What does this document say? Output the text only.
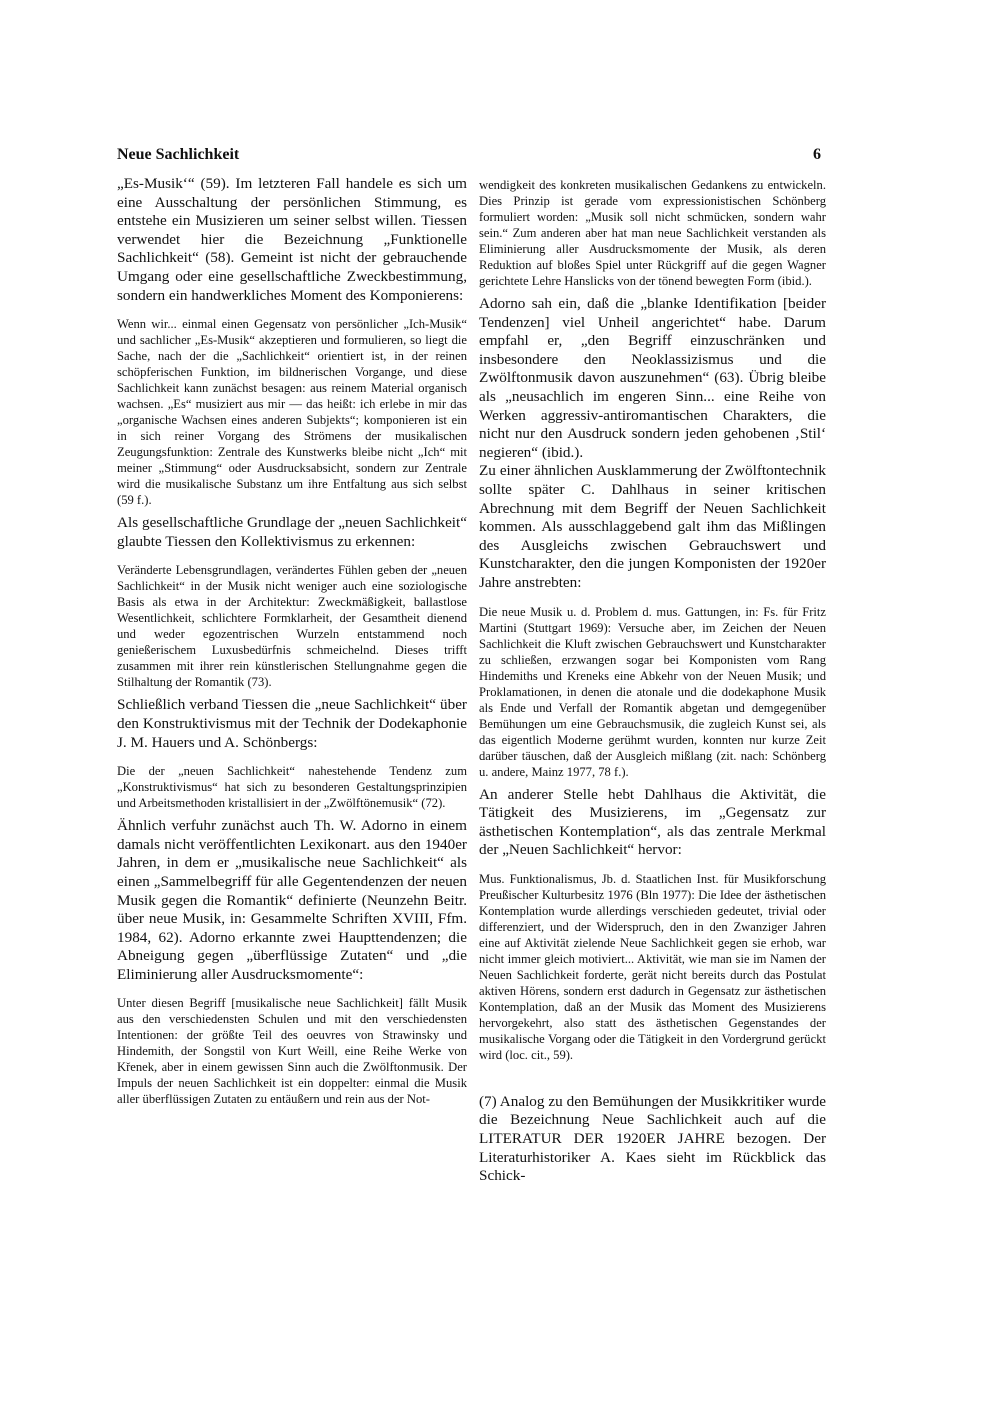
Neue Sachlichkeit	6

„Es-Musik‘“ (59). Im letzteren Fall handele es sich um eine Ausschaltung der persönlichen Stimmung, es entstehe ein Musizieren um seiner selbst willen. Tiessen verwendet hier die Bezeichnung „Funktionelle Sachlichkeit“ (58). Gemeint ist nicht der gebrauchende Umgang oder eine gesellschaftliche Zweckbestimmung, sondern ein handwerkliches Moment des Komponierens:

Wenn wir... einmal einen Gegensatz von persönlicher „Ich-Musik“ und sachlicher „Es-Musik“ akzeptieren und formulieren, so liegt die Sache, nach der die „Sachlichkeit“ orientiert ist, in der reinen schöpferischen Funktion, im bildnerischen Vorgange, und diese Sachlichkeit kann zunächst besagen: aus reinem Material organisch wachsen. „Es“ musiziert aus mir — das heißt: ich erlebe in mir das „organische Wachsen eines anderen Subjekts“; komponieren ist ein in sich reiner Vorgang des Strömens der musikalischen Zeugungsfunktion: Zentrale des Kunstwerks bleibe nicht „Ich“ mit meiner „Stimmung“ oder Ausdrucksabsicht, sondern zur Zentrale wird die musikalische Substanz um ihre Entfaltung aus sich selbst (59 f.).

Als gesellschaftliche Grundlage der „neuen Sachlichkeit“ glaubte Tiessen den Kollektivismus zu erkennen:

Veränderte Lebensgrundlagen, verändertes Fühlen geben der „neuen Sachlichkeit“ in der Musik nicht weniger auch eine soziologische Basis als etwa in der Architektur: Zweckmäßigkeit, ballastlose Wesentlichkeit, schlichtere Formklarheit, der Gesamtheit dienend und weder egozentrischen Wurzeln entstammend noch genießerischem Luxusbedürfnis schmeichelnd. Dieses trifft zusammen mit ihrer rein künstlerischen Stellungnahme gegen die Stilhaltung der Romantik (73).

Schließlich verband Tiessen die „neue Sachlichkeit“ über den Konstruktivismus mit der Technik der Dodekaphonie J. M. Hauers und A. Schönbergs:

Die der „neuen Sachlichkeit“ nahestehende Tendenz zum „Konstruktivismus“ hat sich zu besonderen Gestaltungsprinzipien und Arbeitsmethoden kristallisiert in der „Zwölftönemusik“ (72).

Ähnlich verfuhr zunächst auch Th. W. Adorno in einem damals nicht veröffentlichten Lexikonart. aus den 1940er Jahren, in dem er „musikalische neue Sachlichkeit“ als einen „Sammelbegriff für alle Gegentendenzen der neuen Musik gegen die Romantik“ definierte (Neunzehn Beitr. über neue Musik, in: Gesammelte Schriften XVIII, Ffm. 1984, 62). Adorno erkannte zwei Haupttendenzen; die Abneigung gegen „überflüssige Zutaten“ und „die Eliminierung aller Ausdrucksmomente“:

Unter diesen Begriff [musikalische neue Sachlichkeit] fällt Musik aus den verschiedensten Schulen und mit den verschiedensten Intentionen: der größte Teil des oeuvres von Strawinsky und Hindemith, der Songstil von Kurt Weill, eine Reihe Werke von Křenek, aber in einem gewissen Sinn auch die Zwölftonmusik. Der Impuls der neuen Sachlichkeit ist ein doppelter: einmal die Musik aller überflüssigen Zutaten zu entäußern und rein aus der Not-

wendigkeit des konkreten musikalischen Gedankens zu entwickeln. Dies Prinzip ist gerade vom expressionistischen Schönberg formuliert worden: „Musik soll nicht schmücken, sondern wahr sein.“ Zum anderen aber hat man neue Sachlichkeit verstanden als Eliminierung aller Ausdrucksmomente der Musik, als deren Reduktion auf bloßes Spiel unter Rückgriff auf die gegen Wagner gerichtete Lehre Hanslicks von der tönend bewegten Form (ibid.).

Adorno sah ein, daß die „blanke Identifikation [beider Tendenzen] viel Unheil angerichtet“ habe. Darum empfahl er, „den Begriff einzuschränken und insbesondere den Neoklassizismus und die Zwölftonmusik davon auszunehmen“ (63). Übrig bleibe als „neusachlich im engeren Sinn... eine Reihe von Werken aggressiv-antiromantischen Charakters, die nicht nur den Ausdruck sondern jeden gehobenen ‚Stil‘ negieren“ (ibid.).

Zu einer ähnlichen Ausklammerung der Zwölftontechnik sollte später C. Dahlhaus in seiner kritischen Abrechnung mit dem Begriff der Neuen Sachlichkeit kommen. Als ausschlaggebend galt ihm das Mißlingen des Ausgleichs zwischen Gebrauchswert und Kunstcharakter, den die jungen Komponisten der 1920er Jahre anstrebten:

Die neue Musik u. d. Problem d. mus. Gattungen, in: Fs. für Fritz Martini (Stuttgart 1969): Versuche aber, im Zeichen der Neuen Sachlichkeit die Kluft zwischen Gebrauchswert und Kunstcharakter zu schließen, erzwangen sogar bei Komponisten vom Rang Hindemiths und Kreneks eine Abkehr von der Neuen Musik; und Proklamationen, in denen die atonale und die dodekaphone Musik als Ende und Verfall der Romantik abgetan und demgegenüber Bemühungen um eine Gebrauchsmusik, die zugleich Kunst sei, als das eigentlich Moderne gerühmt wurden, konnten nur kurze Zeit darüber täuschen, daß der Ausgleich mißlang (zit. nach: Schönberg u. andere, Mainz 1977, 78 f.).

An anderer Stelle hebt Dahlhaus die Aktivität, die Tätigkeit des Musizierens, im „Gegensatz zur ästhetischen Kontemplation“, als das zentrale Merkmal der „Neuen Sachlichkeit“ hervor:

Mus. Funktionalismus, Jb. d. Staatlichen Inst. für Musikforschung Preußischer Kulturbesitz 1976 (Bln 1977): Die Idee der ästhetischen Kontemplation wurde allerdings verschieden gedeutet, trivial oder differenziert, und der Widerspruch, den in den Zwanziger Jahren eine auf Aktivität zielende Neue Sachlichkeit gegen sie erhob, war nicht immer gleich motiviert... Aktivität, wie man sie im Namen der Neuen Sachlichkeit forderte, gerät nicht bereits durch das Postulat aktiven Hörens, sondern erst dadurch in Gegensatz zur ästhetischen Kontemplation, daß an der Musik das Moment des Musizierens hervorgekehrt, also statt des ästhetischen Gegenstandes der musikalische Vorgang oder die Tätigkeit in den Vordergrund gerückt wird (loc. cit., 59).

(7) Analog zu den Bemühungen der Musikkritiker wurde die Bezeichnung Neue Sachlichkeit auch auf die LITERATUR DER 1920ER JAHRE bezogen. Der Literaturhistoriker A. Kaes sieht im Rückblick das Schick-
